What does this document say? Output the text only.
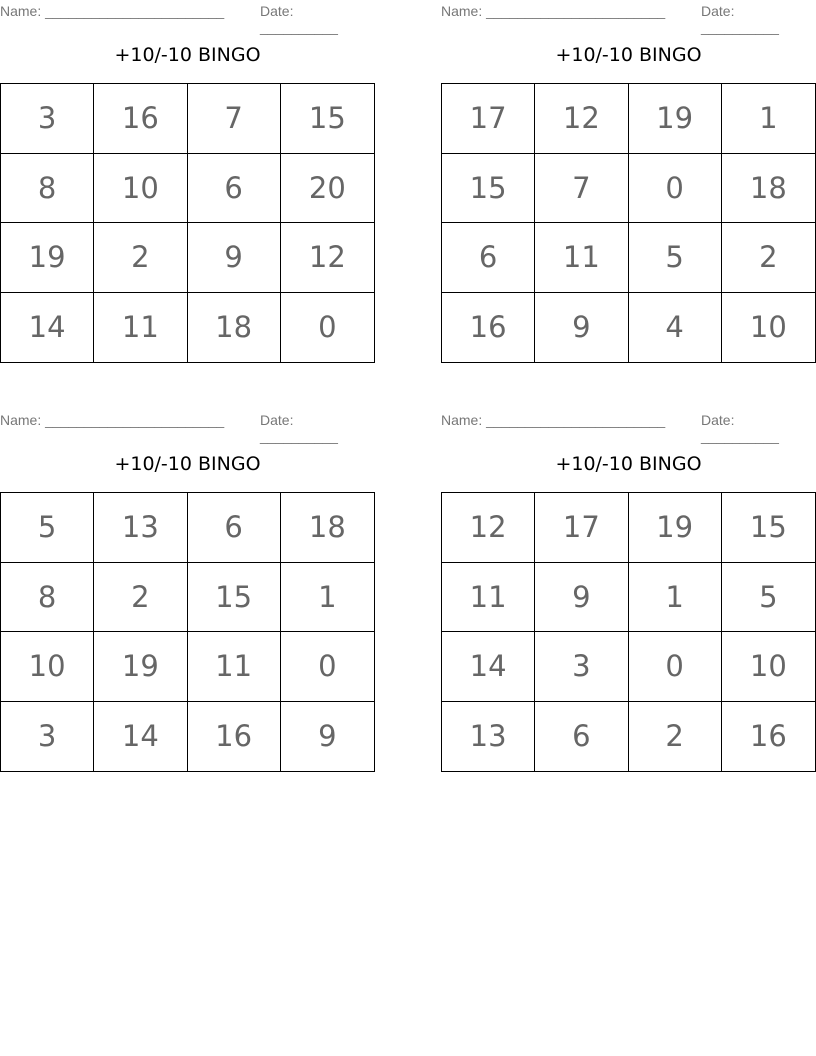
Name: _______________________	Date: __________
+10/-10 BINGO
3	16	7	15
8	10	6	20
19	2	9	12
14	11	18	0
Name: _______________________	Date: __________
+10/-10 BINGO
17	12	19	1
15	7	0	18
6	11	5	2
16	9	4	10
Name: _______________________	Date: __________
+10/-10 BINGO
5	13	6	18
8	2	15	1
10	19	11	0
3	14	16	9
Name: _______________________	Date: __________
+10/-10 BINGO
12	17	19	15
11	9	1	5
14	3	0	10
13	6	2	16
